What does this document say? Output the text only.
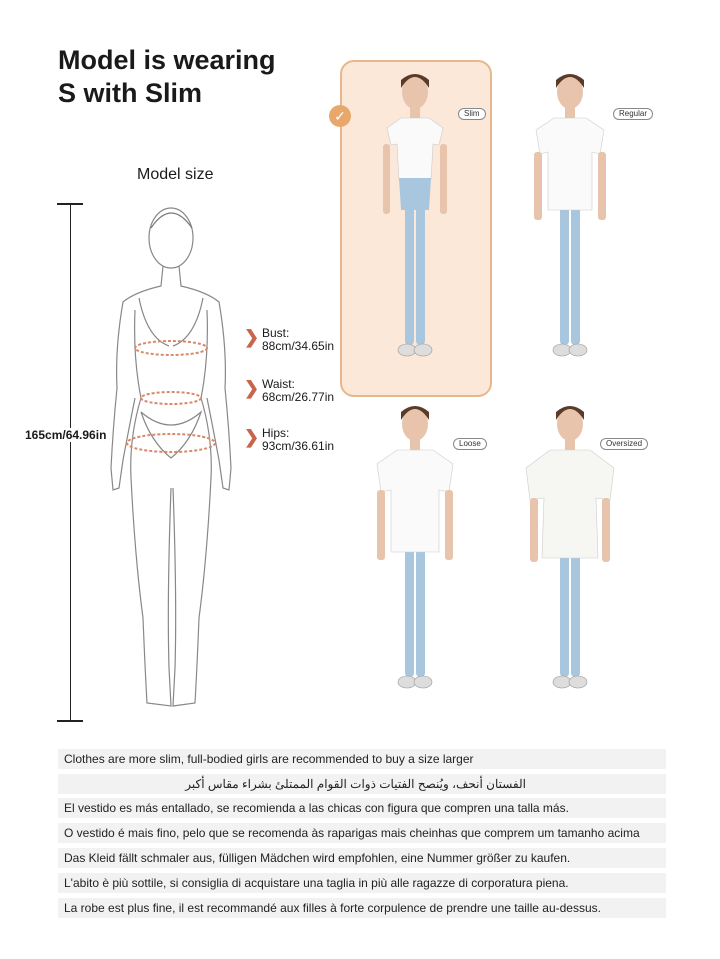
Model is wearing
S with Slim
Model size
165cm/64.96in
❯ Bust:
88cm/34.65in
❯ Waist:
68cm/26.77in
❯ Hips:
93cm/36.61in
✓	Slim	Regular
Loose	Oversized
Clothes are more slim, full-bodied girls are recommended to buy a size larger
الفستان أنحف، ويُنصح الفتيات ذوات القوام الممتلئ بشراء مقاس أكبر
El vestido es más entallado, se recomienda a las chicas con figura que compren una talla más.
O vestido é mais fino, pelo que se recomenda às raparigas mais cheinhas que comprem um tamanho acima
Das Kleid fällt schmaler aus, fülligen Mädchen wird empfohlen, eine Nummer größer zu kaufen.
L'abito è più sottile, si consiglia di acquistare una taglia in più alle ragazze di corporatura piena.
La robe est plus fine, il est recommandé aux filles à forte corpulence de prendre une taille au-dessus.
